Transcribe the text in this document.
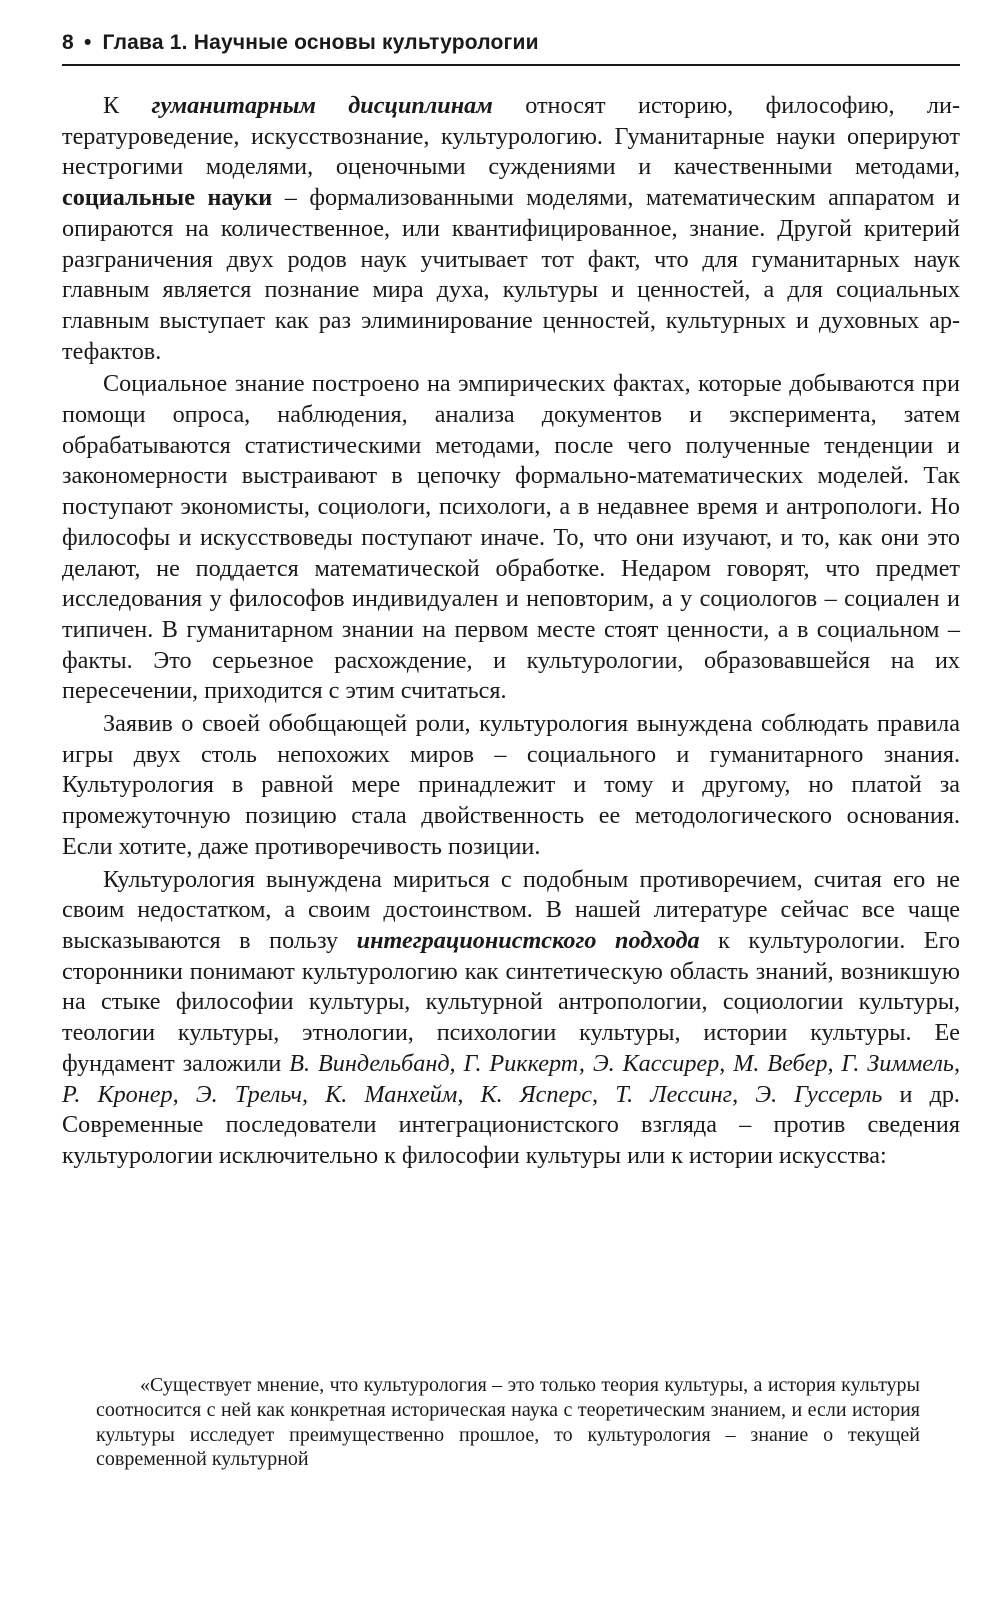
8 • Глава 1. Научные основы культурологии

К гуманитарным дисциплинам относят историю, философию, литературоведение, искусствознание, культурологию. Гуманитарные науки оперируют нестрогими моделями, оценочными суждениями и качественными методами, социальные науки – формализованными моделями, математическим аппаратом и опираются на количественное, или квантифицированное, знание. Другой критерий разграничения двух родов наук учитывает тот факт, что для гуманитарных наук главным является познание мира духа, культуры и ценностей, а для социальных главным выступает как раз элиминирование ценностей, культурных и духовных артефактов.

Социальное знание построено на эмпирических фактах, которые добываются при помощи опроса, наблюдения, анализа документов и эксперимента, затем обрабатываются статистическими методами, после чего полученные тенденции и закономерности выстраивают в цепочку формально-математических моделей. Так поступают экономисты, социологи, психологи, а в недавнее время и антропологи. Но философы и искусствоведы поступают иначе. То, что они изучают, и то, как они это делают, не поддается математической обработке. Недаром говорят, что предмет исследования у философов индивидуален и неповторим, а у социологов – социален и типичен. В гуманитарном знании на первом месте стоят ценности, а в социальном – факты. Это серьезное расхождение, и культурологии, образовавшейся на их пересечении, приходится с этим считаться.

Заявив о своей обобщающей роли, культурология вынуждена соблюдать правила игры двух столь непохожих миров – социального и гуманитарного знания. Культурология в равной мере принадлежит и тому и другому, но платой за промежуточную позицию стала двойственность ее методологического основания. Если хотите, даже противоречивость позиции.

Культурология вынуждена мириться с подобным противоречием, считая его не своим недостатком, а своим достоинством. В нашей литературе сейчас все чаще высказываются в пользу интеграционистского подхода к культурологии. Его сторонники понимают культурологию как синтетическую область знаний, возникшую на стыке философии культуры, культурной антропологии, социологии культуры, теологии культуры, этнологии, психологии культуры, истории культуры. Ее фундамент заложили В. Виндельбанд, Г. Риккерт, Э. Кассирер, М. Вебер, Г. Зиммель, Р. Кронер, Э. Трельч, К. Манхейм, К. Ясперс, Т. Лессинг, Э. Гуссерль и др. Современные последователи интеграционистского взгляда – против сведения культурологии исключительно к философии культуры или к истории искусства:

«Существует мнение, что культурология – это только теория культуры, а история культуры соотносится с ней как конкретная историческая наука с теоретическим знанием, и если история культуры исследует преимущественно прошлое, то культурология – знание о текущей современной культурной
